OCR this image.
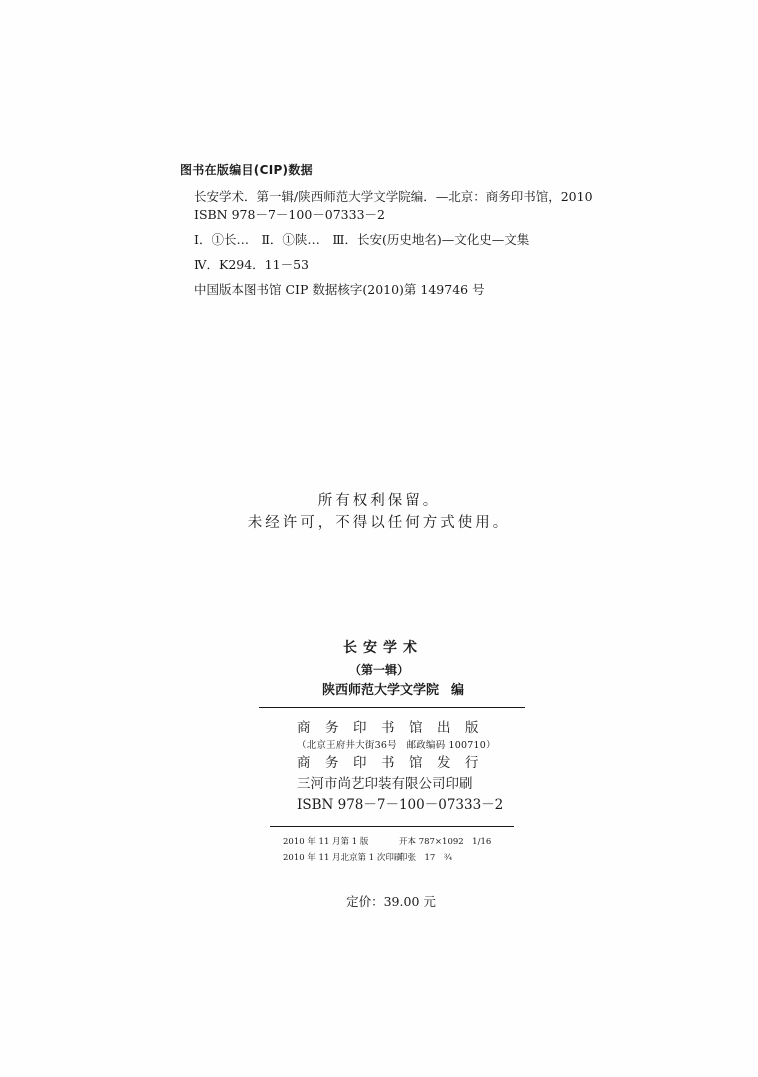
图书在版编目(CIP)数据

长安学术．第一辑/陕西师范大学文学院编．—北京：商务印书馆，2010

ISBN 978－7－100－07333－2

Ⅰ．①长…　Ⅱ．①陕…　Ⅲ．长安(历史地名)—文化史—文集

Ⅳ．K294．11－53

中国版本图书馆 CIP 数据核字(2010)第 149746 号

所有权利保留。

未经许可，不得以任何方式使用。

长安学术

（第一辑）

陕西师范大学文学院 编

商务印书馆出版

（北京王府井大街36号　邮政编码 100710）

商务印书馆发行

三河市尚艺印装有限公司印刷

ISBN 978－7－100－07333－2

2010 年 11 月第 1 版	开本 787×1092　1/16
2010 年 11 月北京第 1 次印刷
印张　17　¾
定价：39.00 元
